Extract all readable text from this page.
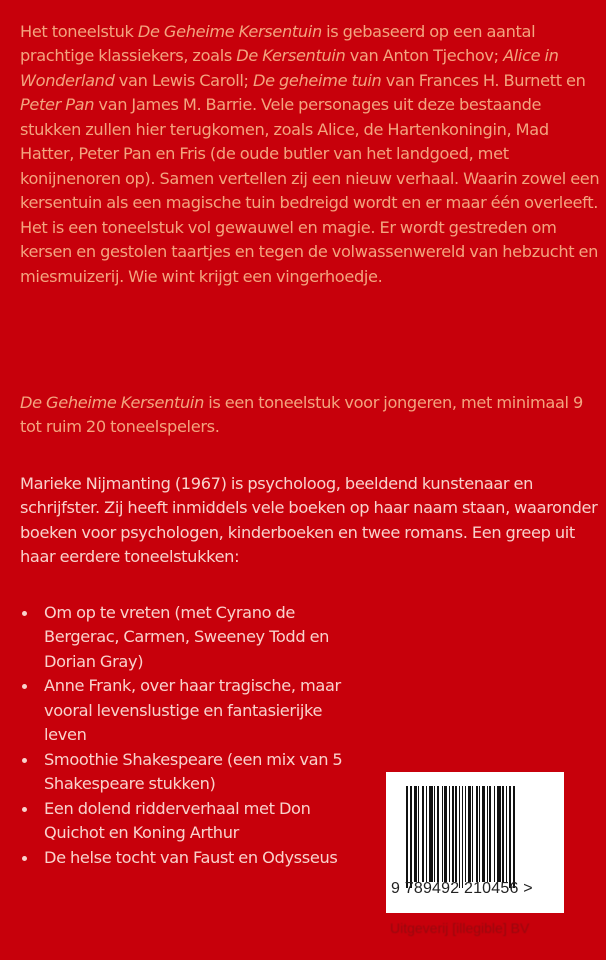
Het toneelstuk De Geheime Kersentuin is gebaseerd op een aantal prachtige klassiekers, zoals De Kersentuin van Anton Tjechov; Alice in Wonderland van Lewis Caroll; De geheime tuin van Frances H. Burnett en Peter Pan van James M. Barrie. Vele personages uit deze bestaande stukken zullen hier terugkomen, zoals Alice, de Hartenkoningin, Mad Hatter, Peter Pan en Fris (de oude butler van het landgoed, met konijnenoren op). Samen vertellen zij een nieuw verhaal. Waarin zowel een kersentuin als een magische tuin bedreigd wordt en er maar één overleeft.
Het is een toneelstuk vol gewauwel en magie. Er wordt gestreden om kersen en gestolen taartjes en tegen de volwassenwereld van hebzucht en miesmuizerij. Wie wint krijgt een vingerhoedje.
De Geheime Kersentuin is een toneelstuk voor jongeren, met minimaal 9 tot ruim 20 toneelspelers.
Marieke Nijmanting (1967) is psycholoog, beeldend kunstenaar en schrijfster. Zij heeft inmiddels vele boeken op haar naam staan, waaronder boeken voor psychologen, kinderboeken en twee romans. Een greep uit haar eerdere toneelstukken:
Om op te vreten (met Cyrano de Bergerac, Carmen, Sweeney Todd en Dorian Gray)
Anne Frank, over haar tragische, maar vooral levenslustige en fantasierijke leven
Smoothie Shakespeare (een mix van 5 Shakespeare stukken)
Een dolend ridderverhaal met Don Quichot en Koning Arthur
De helse tocht van Faust en Odysseus
9 789492 210456 >
Uitgeverij [illegible] BV
